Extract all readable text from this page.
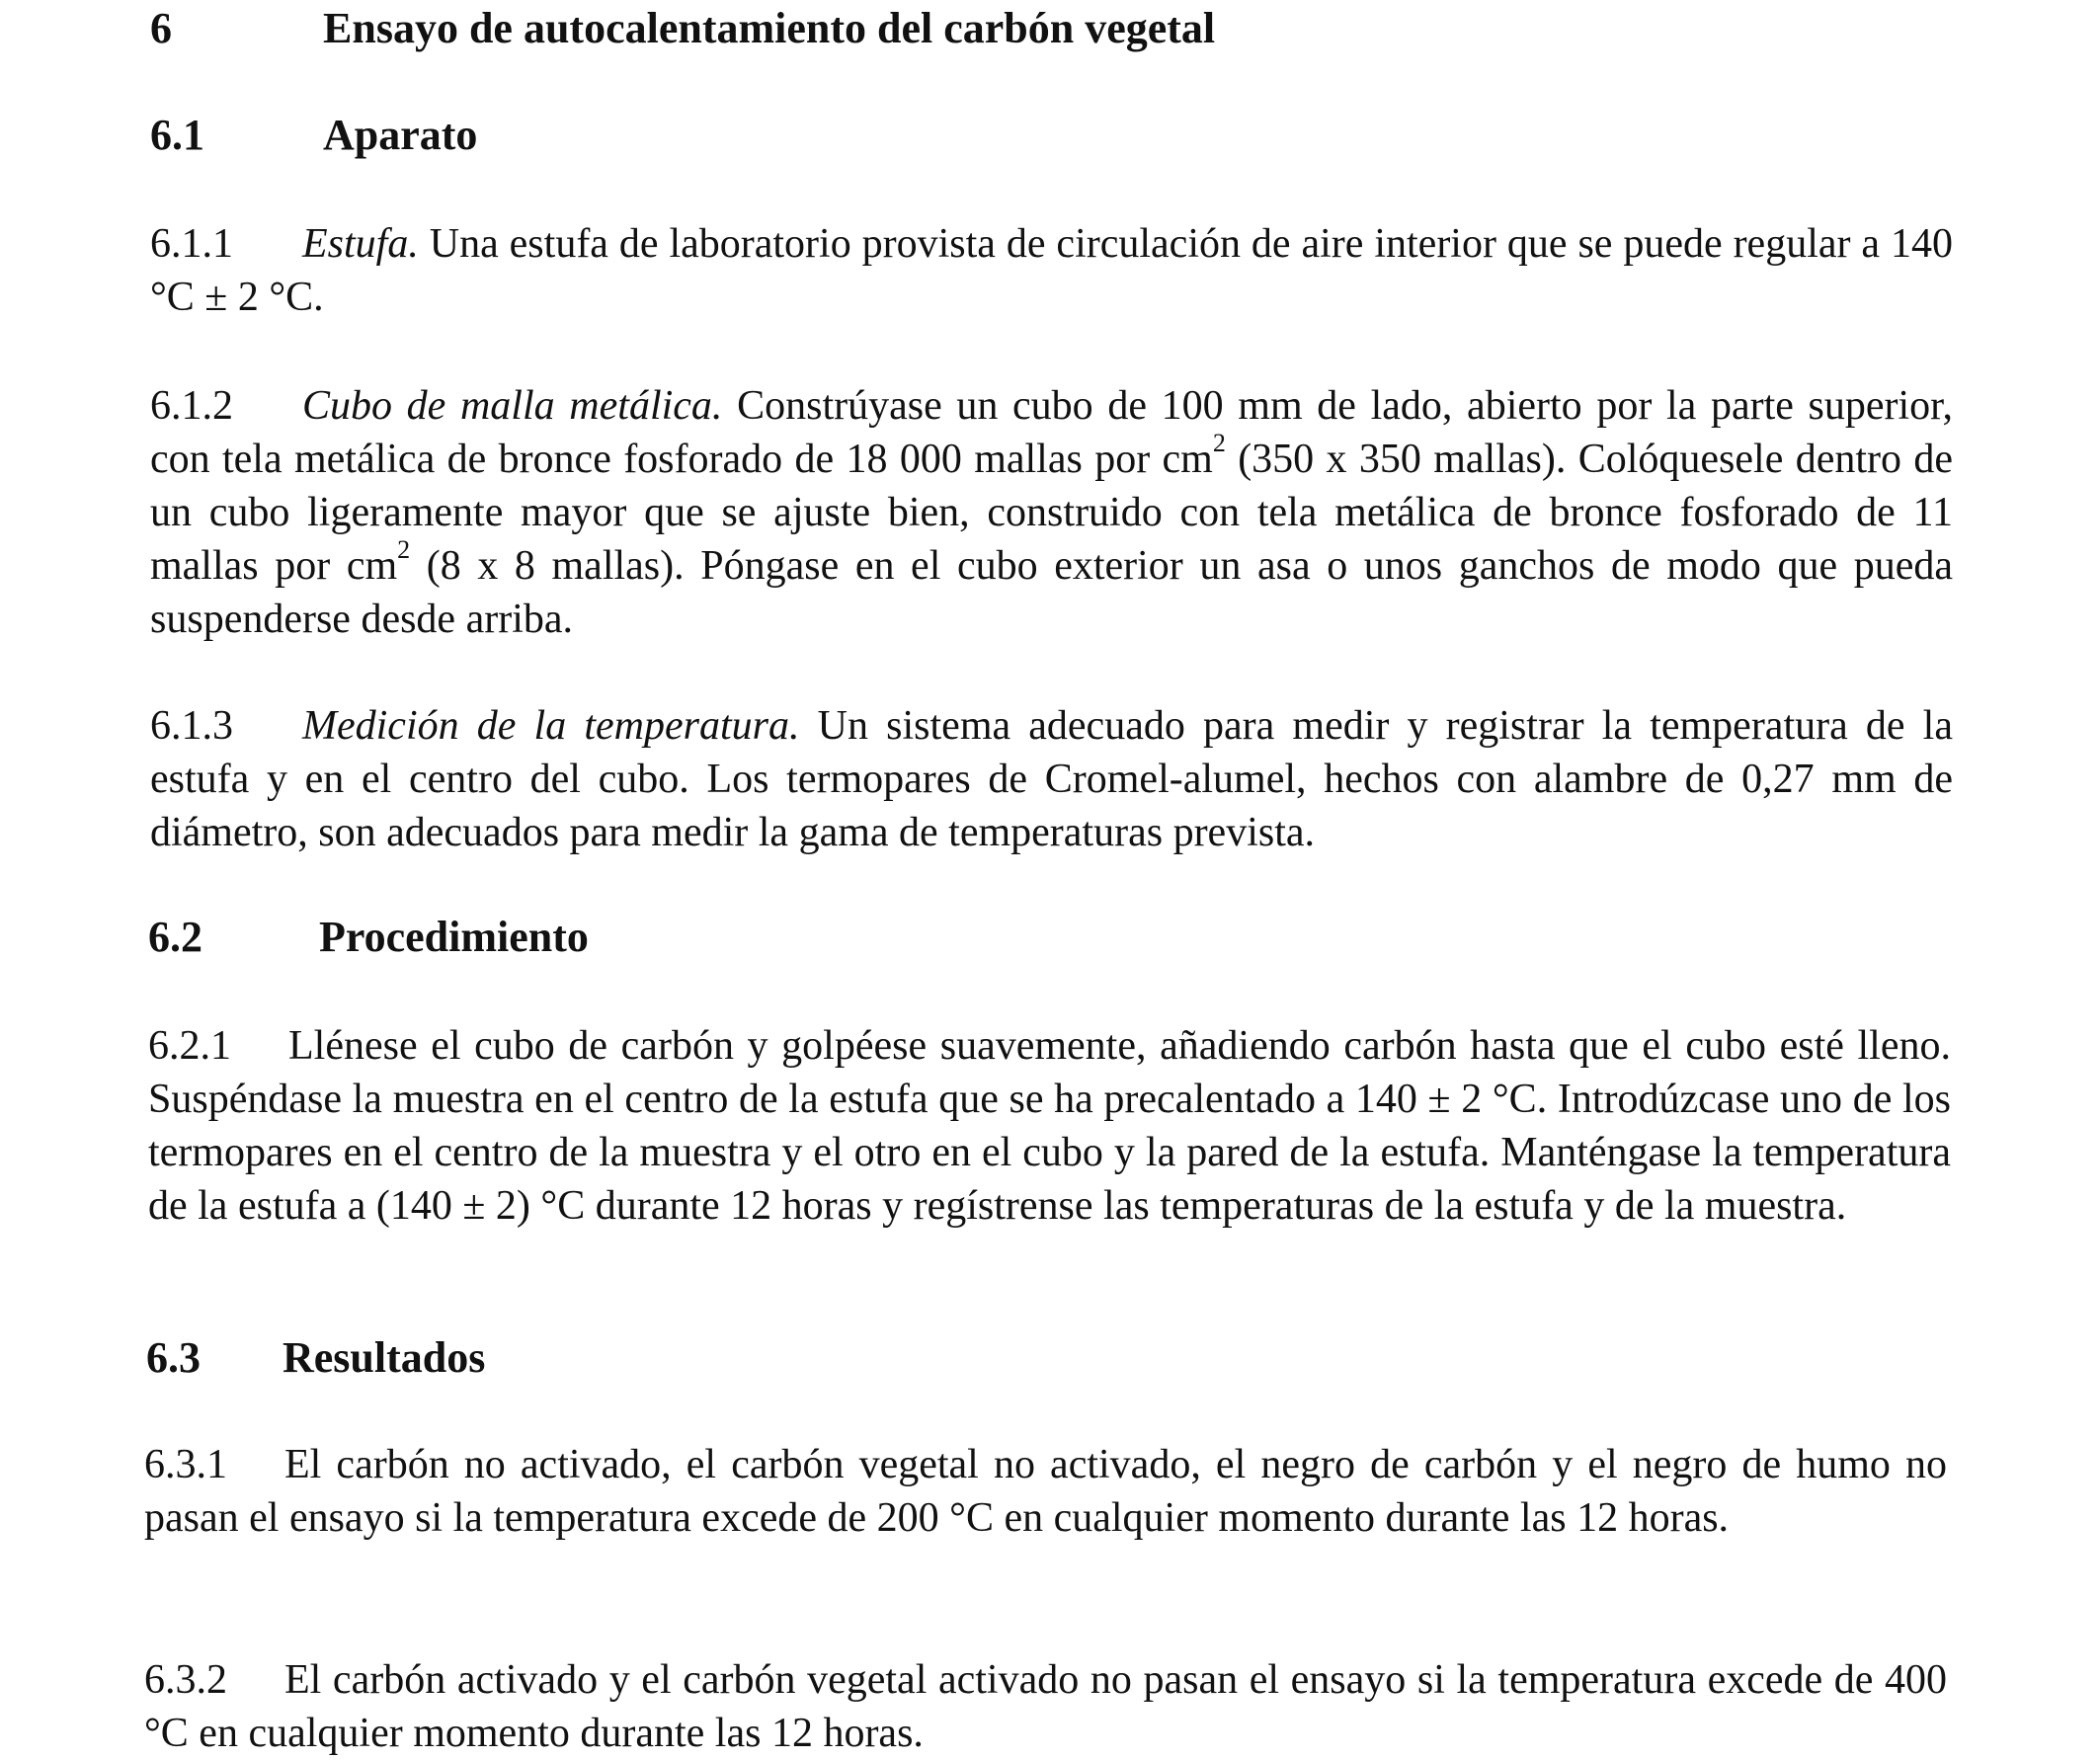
6	Ensayo de autocalentamiento del carbón vegetal
6.1	Aparato
6.1.1 Estufa. Una estufa de laboratorio provista de circulación de aire interior que se puede regular a 140 °C ± 2 °C.
6.1.2 Cubo de malla metálica. Constrúyase un cubo de 100 mm de lado, abierto por la parte superior, con tela metálica de bronce fosforado de 18 000 mallas por $cm^2$ (350 x 350 mallas). Colóquesele dentro de un cubo ligeramente mayor que se ajuste bien, construido con tela metálica de bronce fosforado de 11 mallas por $cm^2$ (8 x 8 mallas). Póngase en el cubo exterior un asa o unos ganchos de modo que pueda suspenderse desde arriba.
6.1.3 Medición de la temperatura. Un sistema adecuado para medir y registrar la temperatura de la estufa y en el centro del cubo. Los termopares de Cromel-alumel, hechos con alambre de 0,27 mm de diámetro, son adecuados para medir la gama de temperaturas prevista.
6.2	Procedimiento
6.2.1 Llénese el cubo de carbón y golpéese suavemente, añadiendo carbón hasta que el cubo esté lleno. Suspéndase la muestra en el centro de la estufa que se ha precalentado a 140 ± 2 °C. Introdúzcase uno de los termopares en el centro de la muestra y el otro en el cubo y la pared de la estufa. Manténgase la temperatura de la estufa a (140 ± 2) °C durante 12 horas y regístrense las temperaturas de la estufa y de la muestra.
6.3 Resultados
6.3.1 El carbón no activado, el carbón vegetal no activado, el negro de carbón y el negro de humo no pasan el ensayo si la temperatura excede de 200 °C en cualquier momento durante las 12 horas.
6.3.2 El carbón activado y el carbón vegetal activado no pasan el ensayo si la temperatura excede de 400 °C en cualquier momento durante las 12 horas.
